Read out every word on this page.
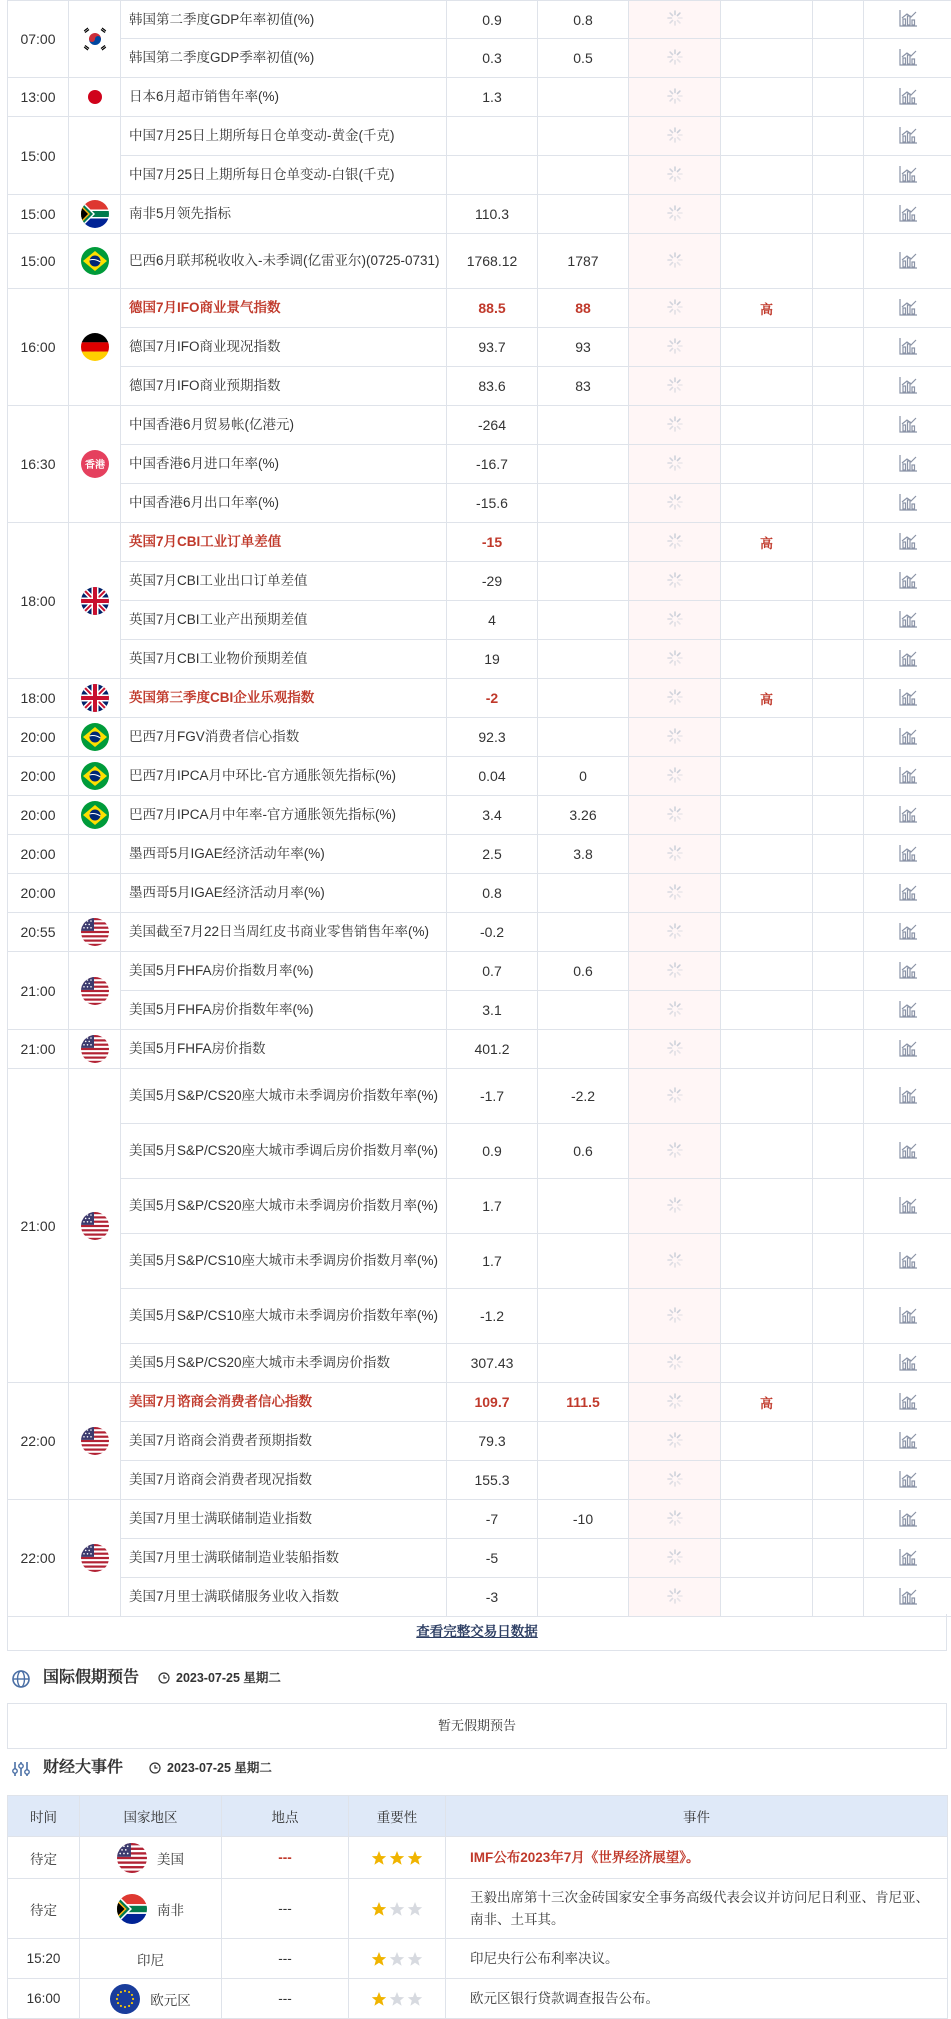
07:00		韩国第二季度GDP年率初值(%)	0.9	0.8				
		韩国第二季度GDP季率初值(%)	0.3	0.5				
13:00		日本6月超市销售年率(%)	1.3					
15:00		中国7月25日上期所每日仓单变动-黄金(千克)						
		中国7月25日上期所每日仓单变动-白银(千克)						
15:00		南非5月领先指标	110.3					
15:00		巴西6月联邦税收收入-未季调(亿雷亚尔)(0725-0731)	1768.12	1787				
16:00		德国7月IFO商业景气指数	88.5	88		高		
		德国7月IFO商业现况指数	93.7	93				
		德国7月IFO商业预期指数	83.6	83				
16:30	香港	中国香港6月贸易帐(亿港元)	-264					
		中国香港6月进口年率(%)	-16.7					
		中国香港6月出口年率(%)	-15.6					
18:00		英国7月CBI工业订单差值	-15			高		
		英国7月CBI工业出口订单差值	-29					
		英国7月CBI工业产出预期差值	4					
		英国7月CBI工业物价预期差值	19					
18:00		英国第三季度CBI企业乐观指数	-2			高		
20:00		巴西7月FGV消费者信心指数	92.3					
20:00		巴西7月IPCA月中环比-官方通胀领先指标(%)	0.04	0				
20:00		巴西7月IPCA月中年率-官方通胀领先指标(%)	3.4	3.26				
20:00		墨西哥5月IGAE经济活动年率(%)	2.5	3.8				
20:00		墨西哥5月IGAE经济活动月率(%)	0.8					
20:55		美国截至7月22日当周红皮书商业零售销售年率(%)	-0.2					
21:00		美国5月FHFA房价指数月率(%)	0.7	0.6				
		美国5月FHFA房价指数年率(%)	3.1					
21:00		美国5月FHFA房价指数	401.2					
21:00		美国5月S&P/CS20座大城市未季调房价指数年率(%)	-1.7	-2.2				
		美国5月S&P/CS20座大城市季调后房价指数月率(%)	0.9	0.6				
		美国5月S&P/CS20座大城市未季调房价指数月率(%)	1.7					
		美国5月S&P/CS10座大城市未季调房价指数月率(%)	1.7					
		美国5月S&P/CS10座大城市未季调房价指数年率(%)	-1.2					
		美国5月S&P/CS20座大城市未季调房价指数	307.43					
22:00		美国7月谘商会消费者信心指数	109.7	111.5		高		
		美国7月谘商会消费者预期指数	79.3					
		美国7月谘商会消费者现况指数	155.3					
22:00		美国7月里士满联储制造业指数	-7	-10				
		美国7月里士满联储制造业装船指数	-5					
		美国7月里士满联储服务业收入指数	-3					
查看完整交易日数据
国际假期预告	2023-07-25 星期二
暂无假期预告
财经大事件	2023-07-25 星期二
时间	国家地区	地点	重要性	事件
待定	美国	---		IMF公布2023年7月《世界经济展望》。
待定	南非	---		王毅出席第十三次金砖国家安全事务高级代表会议并访问尼日利亚、肯尼亚、南非、土耳其。
15:20	印尼	---		印尼央行公布利率决议。
16:00	欧元区	---		欧元区银行贷款调查报告公布。
